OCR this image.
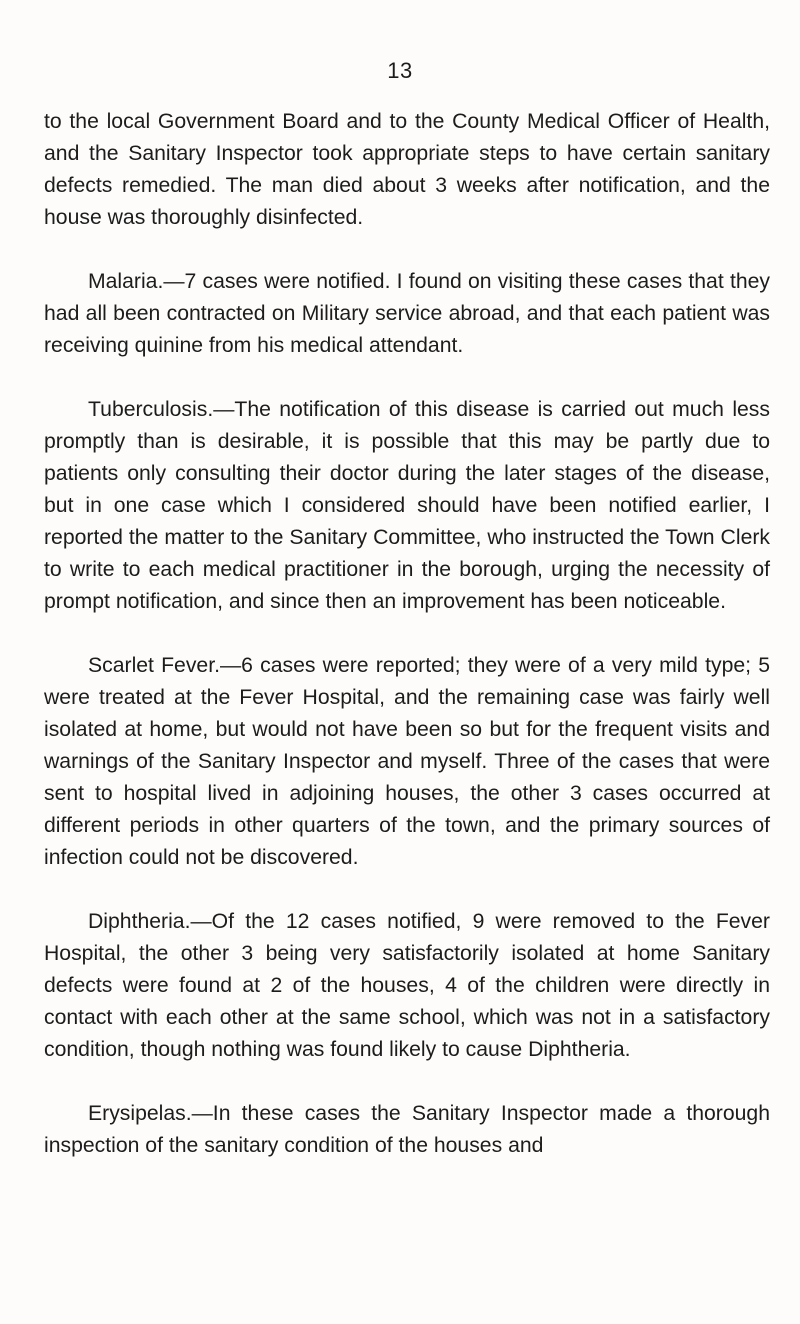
13

to the local Government Board and to the County Medical Officer of Health, and the Sanitary Inspector took appropriate steps to have certain sanitary defects remedied. The man died about 3 weeks after notification, and the house was thoroughly disinfected.

Malaria.—7 cases were notified. I found on visiting these cases that they had all been contracted on Military service abroad, and that each patient was receiving quinine from his medical attendant.

Tuberculosis.—The notification of this disease is carried out much less promptly than is desirable, it is possible that this may be partly due to patients only consulting their doctor during the later stages of the disease, but in one case which I considered should have been notified earlier, I reported the matter to the Sanitary Committee, who instructed the Town Clerk to write to each medical practitioner in the borough, urging the necessity of prompt notification, and since then an improvement has been noticeable.

Scarlet Fever.—6 cases were reported; they were of a very mild type; 5 were treated at the Fever Hospital, and the remaining case was fairly well isolated at home, but would not have been so but for the frequent visits and warnings of the Sanitary Inspector and myself. Three of the cases that were sent to hospital lived in adjoining houses, the other 3 cases occurred at different periods in other quarters of the town, and the primary sources of infection could not be discovered.

Diphtheria.—Of the 12 cases notified, 9 were removed to the Fever Hospital, the other 3 being very satisfactorily isolated at home Sanitary defects were found at 2 of the houses, 4 of the children were directly in contact with each other at the same school, which was not in a satisfactory condition, though nothing was found likely to cause Diphtheria.

Erysipelas.—In these cases the Sanitary Inspector made a thorough inspection of the sanitary condition of the houses and
